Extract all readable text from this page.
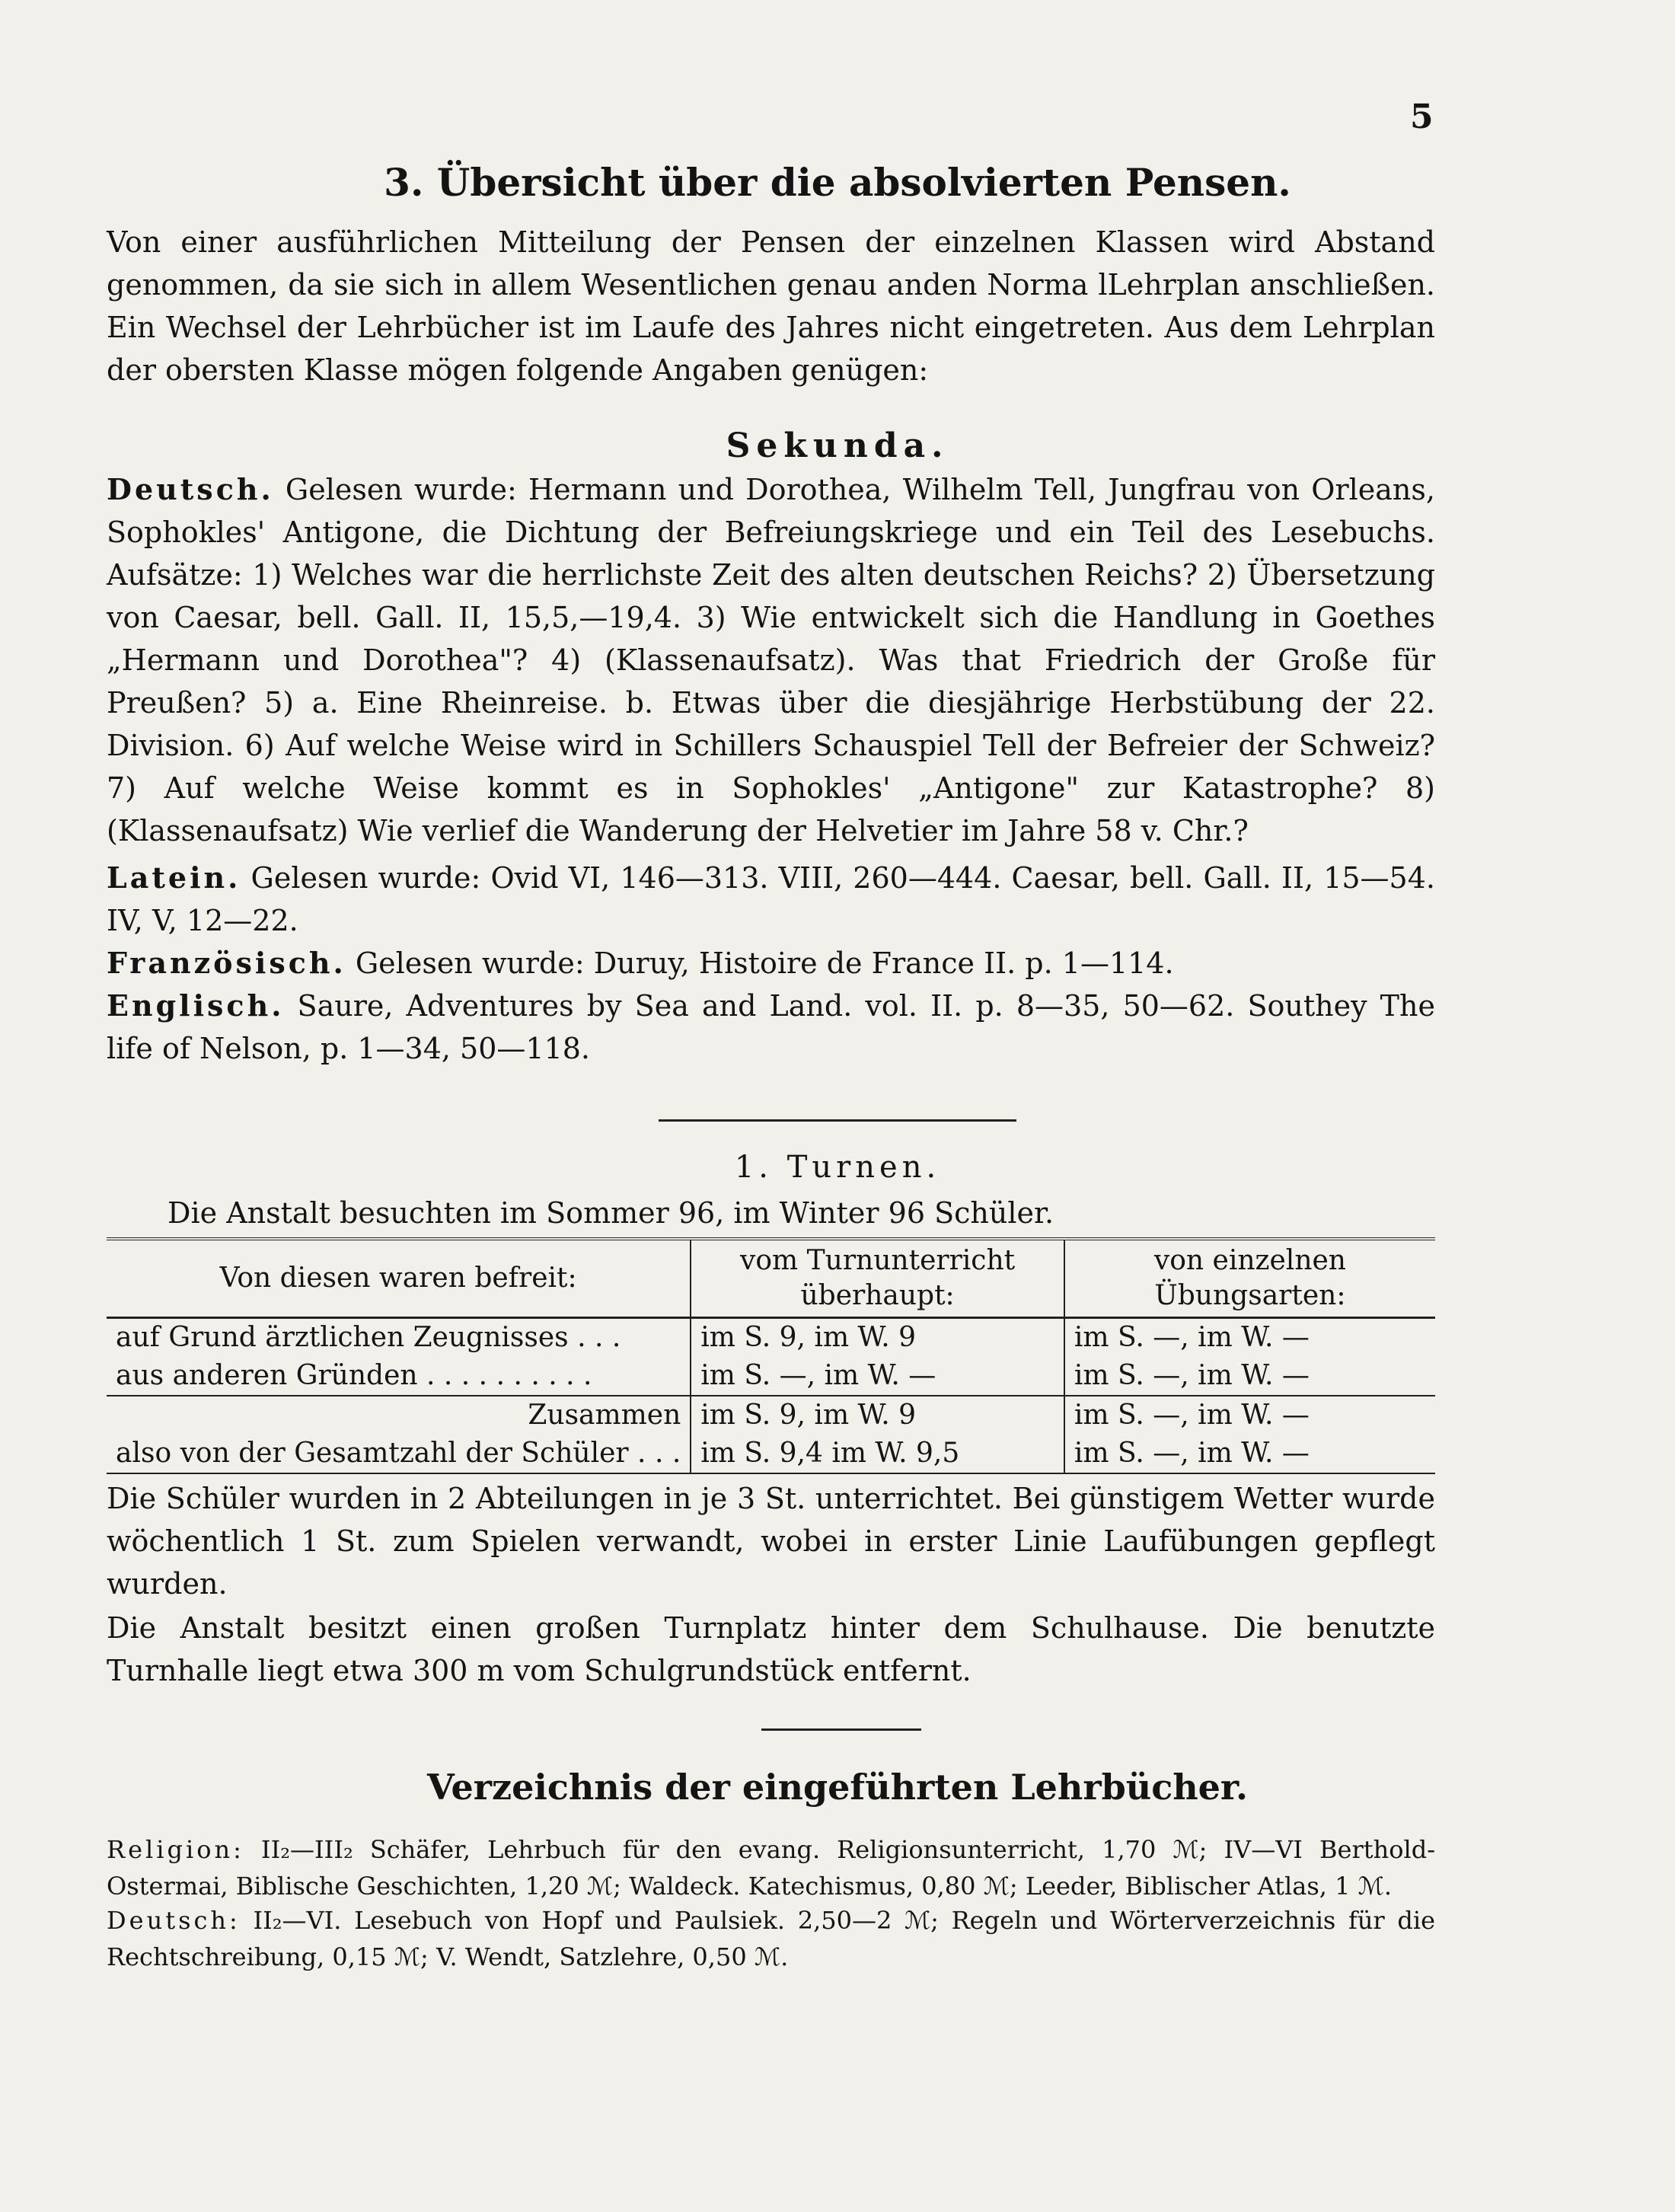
5
3. Übersicht über die absolvierten Pensen.
Von einer ausführlichen Mitteilung der Pensen der einzelnen Klassen wird Abstand genommen, da sie sich in allem Wesentlichen genau anden Norma lLehrplan anschließen. Ein Wechsel der Lehrbücher ist im Laufe des Jahres nicht eingetreten. Aus dem Lehrplan der obersten Klasse mögen folgende Angaben genügen:
Sekunda.
Deutsch. Gelesen wurde: Hermann und Dorothea, Wilhelm Tell, Jungfrau von Orleans, Sophokles' Antigone, die Dichtung der Befreiungskriege und ein Teil des Lesebuchs. Aufsätze: 1) Welches war die herrlichste Zeit des alten deutschen Reichs? 2) Übersetzung von Caesar, bell. Gall. II, 15,5,—19,4. 3) Wie entwickelt sich die Handlung in Goethes „Hermann und Dorothea"? 4) (Klassenaufsatz). Was that Friedrich der Große für Preußen? 5) a. Eine Rheinreise. b. Etwas über die diesjährige Herbstübung der 22. Division. 6) Auf welche Weise wird in Schillers Schauspiel Tell der Befreier der Schweiz? 7) Auf welche Weise kommt es in Sophokles' „Antigone" zur Katastrophe? 8) (Klassenaufsatz) Wie verlief die Wanderung der Helvetier im Jahre 58 v. Chr.?
Latein. Gelesen wurde: Ovid VI, 146—313. VIII, 260—444. Caesar, bell. Gall. II, 15—54. IV, V, 12—22.
Französisch. Gelesen wurde: Duruy, Histoire de France II. p. 1—114.
Englisch. Saure, Adventures by Sea and Land. vol. II. p. 8—35, 50—62. Southey The life of Nelson, p. 1—34, 50—118.
1. Turnen.
Die Anstalt besuchten im Sommer 96, im Winter 96 Schüler.
Von diesen waren befreit:	vom Turnunterricht überhaupt:	von einzelnen Übungsarten:
auf Grund ärztlichen Zeugnisses . . .	im S. 9, im W. 9	im S. —, im W. —
aus anderen Gründen . . . . . . . . . .	im S. —, im W. —	im S. —, im W. —
Zusammen	im S. 9, im W. 9	im S. —, im W. —
also von der Gesamtzahl der Schüler . . .	im S. 9,4 im W. 9,5	im S. —, im W. —
Die Schüler wurden in 2 Abteilungen in je 3 St. unterrichtet. Bei günstigem Wetter wurde wöchentlich 1 St. zum Spielen verwandt, wobei in erster Linie Laufübungen gepflegt wurden.
Die Anstalt besitzt einen großen Turnplatz hinter dem Schulhause. Die benutzte Turnhalle liegt etwa 300 m vom Schulgrundstück entfernt.
Verzeichnis der eingeführten Lehrbücher.
Religion: II₂—III₂ Schäfer, Lehrbuch für den evang. Religionsunterricht, 1,70 ℳ; IV—VI Berthold-Ostermai, Biblische Geschichten, 1,20 ℳ; Waldeck. Katechismus, 0,80 ℳ; Leeder, Biblischer Atlas, 1 ℳ.
Deutsch: II₂—VI. Lesebuch von Hopf und Paulsiek. 2,50—2 ℳ; Regeln und Wörterverzeichnis für die Rechtschreibung, 0,15 ℳ; V. Wendt, Satzlehre, 0,50 ℳ.
